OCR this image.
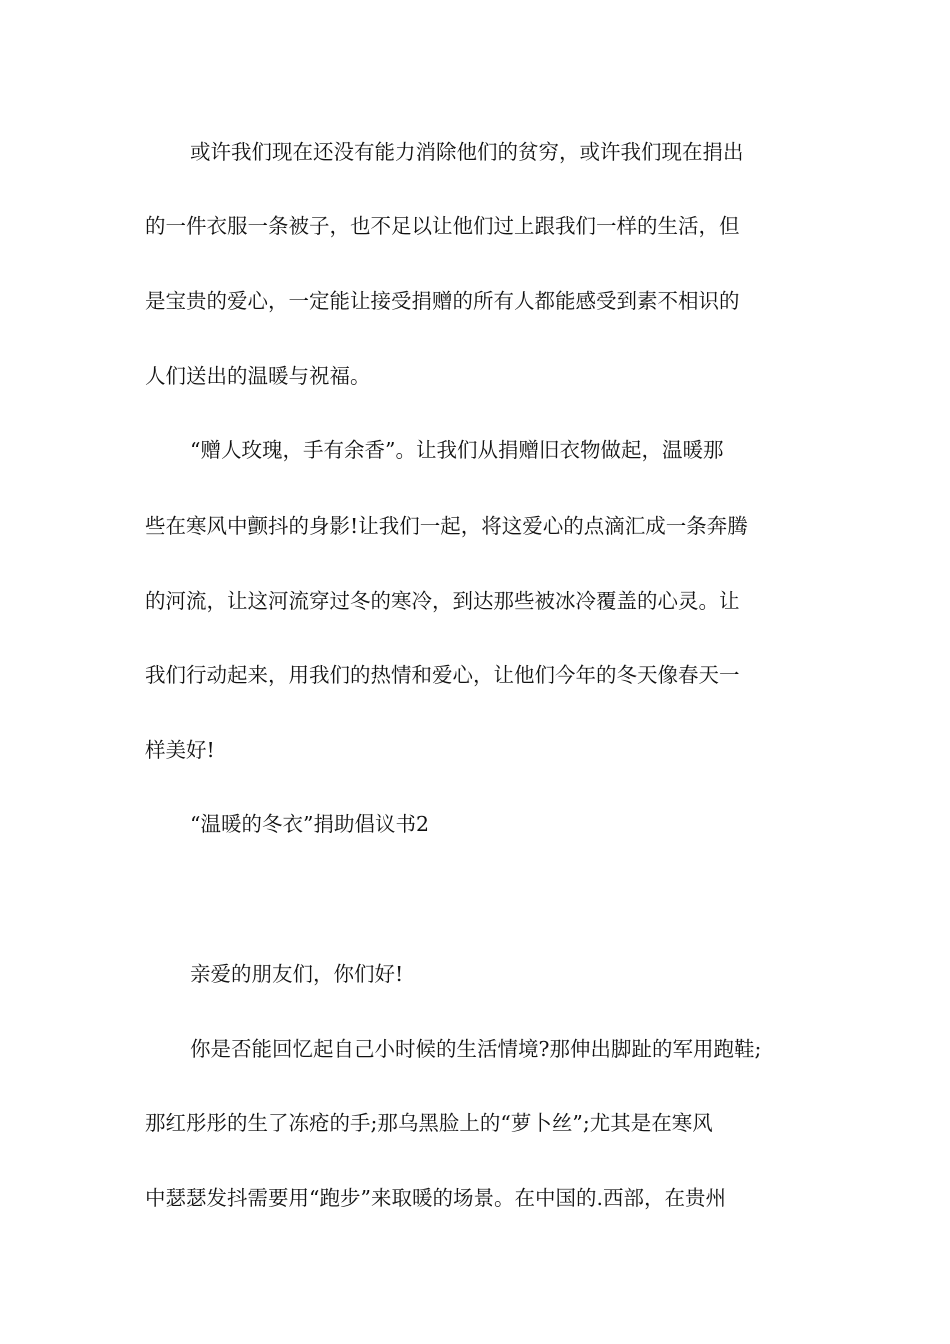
或许我们现在还没有能力消除他们的贫穷，或许我们现在捐出
的一件衣服一条被子，也不足以让他们过上跟我们一样的生活，但
是宝贵的爱心，一定能让接受捐赠的所有人都能感受到素不相识的
人们送出的温暖与祝福。
“赠人玫瑰，手有余香”。让我们从捐赠旧衣物做起，温暖那
些在寒风中颤抖的身影!让我们一起，将这爱心的点滴汇成一条奔腾
的河流，让这河流穿过冬的寒冷，到达那些被冰冷覆盖的心灵。让
我们行动起来，用我们的热情和爱心，让他们今年的冬天像春天一
样美好!
“温暖的冬衣”捐助倡议书2
亲爱的朋友们，你们好!
你是否能回忆起自己小时候的生活情境?那伸出脚趾的军用跑鞋;
那红彤彤的生了冻疮的手;那乌黑脸上的“萝卜丝”;尤其是在寒风
中瑟瑟发抖需要用“跑步”来取暖的场景。在中国的.西部，在贵州
